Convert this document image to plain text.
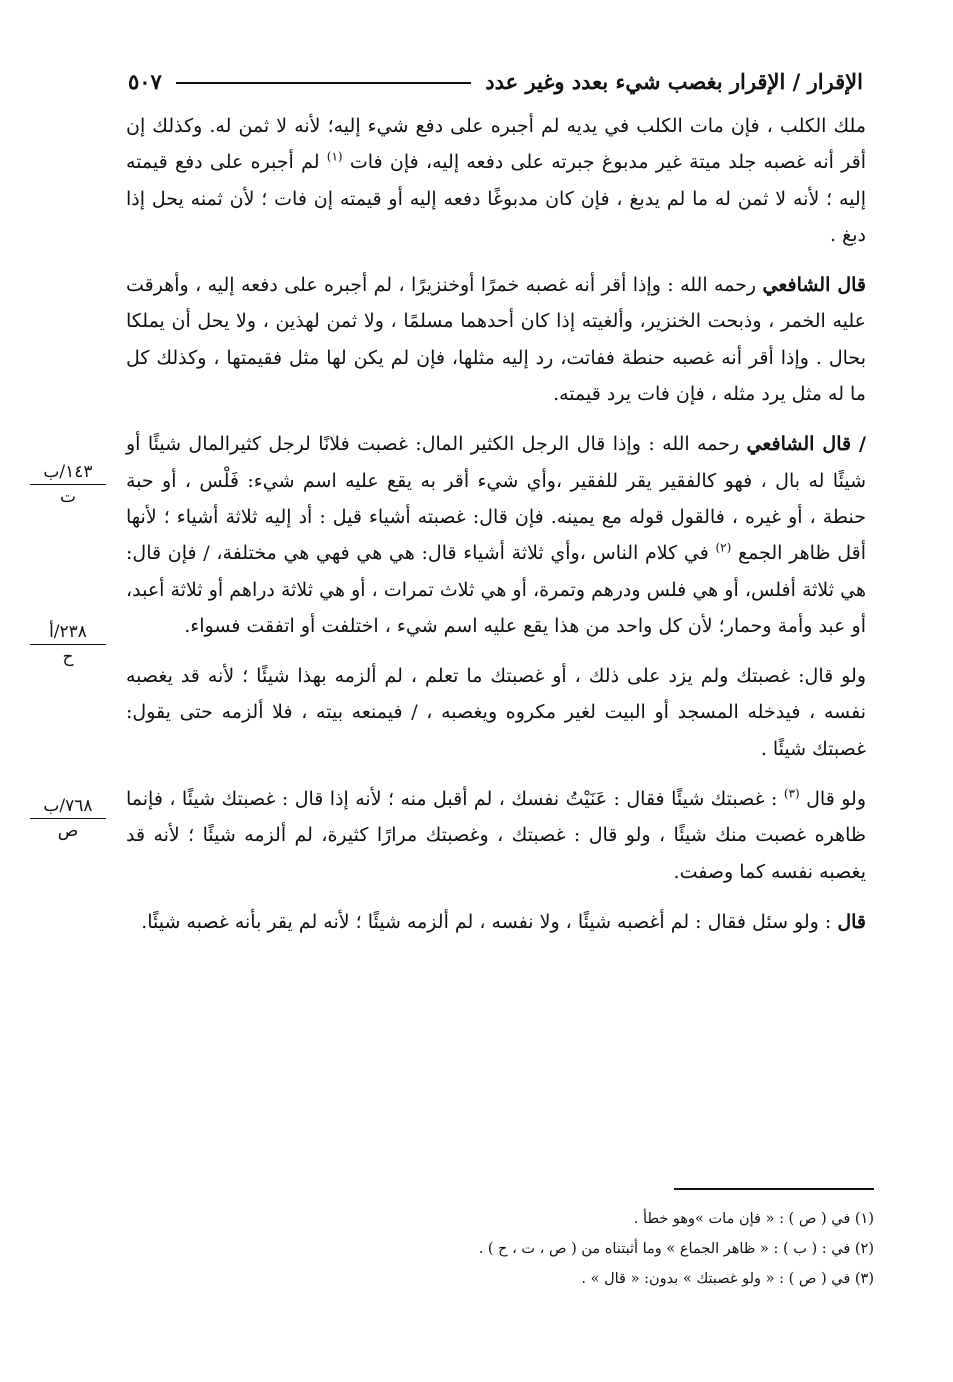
الإقرار / الإقرار بغصب شيء بعدد وغير عدد
٥٠٧

ملك الكلب ، فإن مات الكلب في يديه لم أجبره على دفع شيء إليه؛ لأنه لا ثمن له. وكذلك إن أقر أنه غصبه جلد ميتة غير مدبوغ جبرته على دفعه إليه، فإن فات $^{(١)}$ لم أجبره على دفع قيمته إليه ؛ لأنه لا ثمن له ما لم يدبغ ، فإن كان مدبوغًا دفعه إليه أو قيمته إن فات ؛ لأن ثمنه يحل إذا دبغ .

قال الشافعي رحمه الله : وإذا أقر أنه غصبه خمرًا أوخنزيرًا ، لم أجبره على دفعه إليه ، وأهرقت عليه الخمر ، وذبحت الخنزير، وألغيته إذا كان أحدهما مسلمًا ، ولا ثمن لهذين ، ولا يحل أن يملكا بحال . وإذا أقر أنه غصبه حنطة ففاتت، رد إليه مثلها، فإن لم يكن لها مثل فقيمتها ، وكذلك كل ما له مثل يرد مثله ، فإن فات يرد قيمته.

/ قال الشافعي رحمه الله : وإذا قال الرجل الكثير المال: غصبت فلانًا لرجل كثيرالمال شيئًا أو شيئًا له بال ، فهو كالفقير يقر للفقير ،وأي شيء أقر به يقع عليه اسم شيء: فَلْس ، أو حبة حنطة ، أو غيره ، فالقول قوله مع يمينه. فإن قال: غصبته أشياء قيل : أد إليه ثلاثة أشياء ؛ لأنها أقل ظاهر الجمع $^{(٢)}$ في كلام الناس ،وأي ثلاثة أشياء قال: هي هي فهي هي مختلفة، / فإن قال: هي ثلاثة أفلس، أو هي فلس ودرهم وتمرة، أو هي ثلاث تمرات ، أو هي ثلاثة دراهم أو ثلاثة أعبد، أو عبد وأمة وحمار؛ لأن كل واحد من هذا يقع عليه اسم شيء ، اختلفت أو اتفقت فسواء.

ولو قال: غصبتك ولم يزد على ذلك ، أو غصبتك ما تعلم ، لم ألزمه بهذا شيئًا ؛ لأنه قد يغصبه نفسه ، فيدخله المسجد أو البيت لغير مكروه ويغصبه ، / فيمنعه بيته ، فلا ألزمه حتى يقول: غصبتك شيئًا .

ولو قال $^{(٣)}$ : غصبتك شيئًا فقال : عَنَيْتُ نفسك ، لم أقبل منه ؛ لأنه إذا قال : غصبتك شيئًا ، فإنما ظاهره غصبت منك شيئًا ، ولو قال : غصبتك ، وغصبتك مرارًا كثيرة، لم ألزمه شيئًا ؛ لأنه قد يغصبه نفسه كما وصفت.

قال : ولو سئل فقال : لم أغصبه شيئًا ، ولا نفسه ، لم ألزمه شيئًا ؛ لأنه لم يقر بأنه غصبه شيئًا.

١٤٣/ب
ت
٢٣٨/أ
ح
٧٦٨/ب
ص
(١) في ( ص ) : « فإن مات »وهو خطأ .
(٢) في : ( ب ) : « ظاهر الجماع » وما أثبتناه من ( ص ، ت ، ح ) .
(٣) في ( ص ) : « ولو غصبتك » بدون: « قال » .
